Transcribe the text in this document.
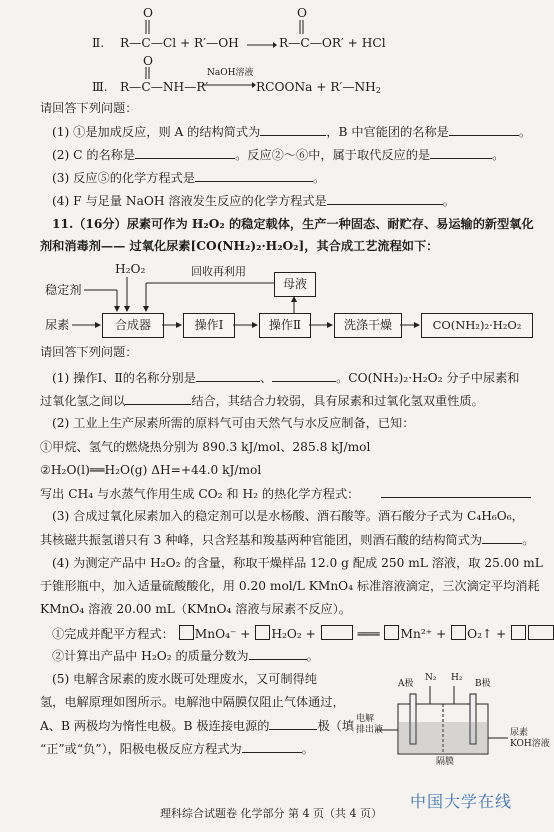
O	O
Ⅱ. R—C—Cl + R′—OH	R—C—OR′ + HCl
O
Ⅲ. R—C—NH—R′
NaOH溶液
RCOONa + $R'—NH_2$
请回答下列问题：
(1) ①是加成反应，则 A 的结构简式为	，B 中官能团的名称是	。
(2) C 的名称是	。反应②～⑥中，属于取代反应的是	。
(3) 反应⑤的化学方程式是	。
(4) F 与足量 NaOH 溶液发生反应的化学方程式是	。
11.（16分）尿素可作为 H₂O₂ 的稳定载体，生产一种固态、耐贮存、易运输的新型氧化
剂和消毒剂—— 过氧化尿素[CO(NH₂)₂·H₂O₂]，其合成工艺流程如下：
H₂O₂	回收再利用
稳定剂
尿素	合成器	操作Ⅰ	操作Ⅱ
母液
洗涤干燥	CO(NH₂)₂·H₂O₂
请回答下列问题：
(1) 操作Ⅰ、Ⅱ的名称分别是	、	。CO(NH₂)₂·H₂O₂ 分子中尿素和
过氧化氢之间以	结合，其结合力较弱，具有尿素和过氧化氢双重性质。
(2) 工业上生产尿素所需的原料气可由天然气与水反应制备，已知：
①甲烷、氢气的燃烧热分别为 890.3 kJ/mol、285.8 kJ/mol
②H₂O(l)══H₂O(g) ΔH=+44.0 kJ/mol
写出 CH₄ 与水蒸气作用生成 CO₂ 和 H₂ 的热化学方程式：
(3) 合成过氧化尿素加入的稳定剂可以是水杨酸、酒石酸等。酒石酸分子式为 C₄H₆O₆，
其核磁共振氢谱只有 3 种峰，只含羟基和羧基两种官能团，则酒石酸的结构简式为	。
(4) 为测定产品中 H₂O₂ 的含量，称取干燥样品 12.0 g 配成 250 mL 溶液，取 25.00 mL
于锥形瓶中，加入适量硫酸酸化，用 0.20 mol/L KMnO₄ 标准溶液滴定，三次滴定平均消耗
KMnO₄ 溶液 20.00 mL（KMnO₄ 溶液与尿素不反应）。
①完成并配平方程式： MnO₄⁻ + H₂O₂ +	═══ Mn²⁺ + O₂↑ +
②计算出产品中 H₂O₂ 的质量分数为	。
(5) 电解含尿素的废水既可处理废水，又可制得纯
氢，电解原理如图所示。电解池中隔膜仅阻止气体通过，
A、B 两极均为惰性电极。B 极连接电源的	极（填
“正”或“负”），阳极电极反应方程式为	。
A极
N₂ H₂
B极
电解
排出液	尿素
KOH溶液
隔膜
理科综合试题卷 化学部分 第 4 页（共 4 页）
中国大学在线
